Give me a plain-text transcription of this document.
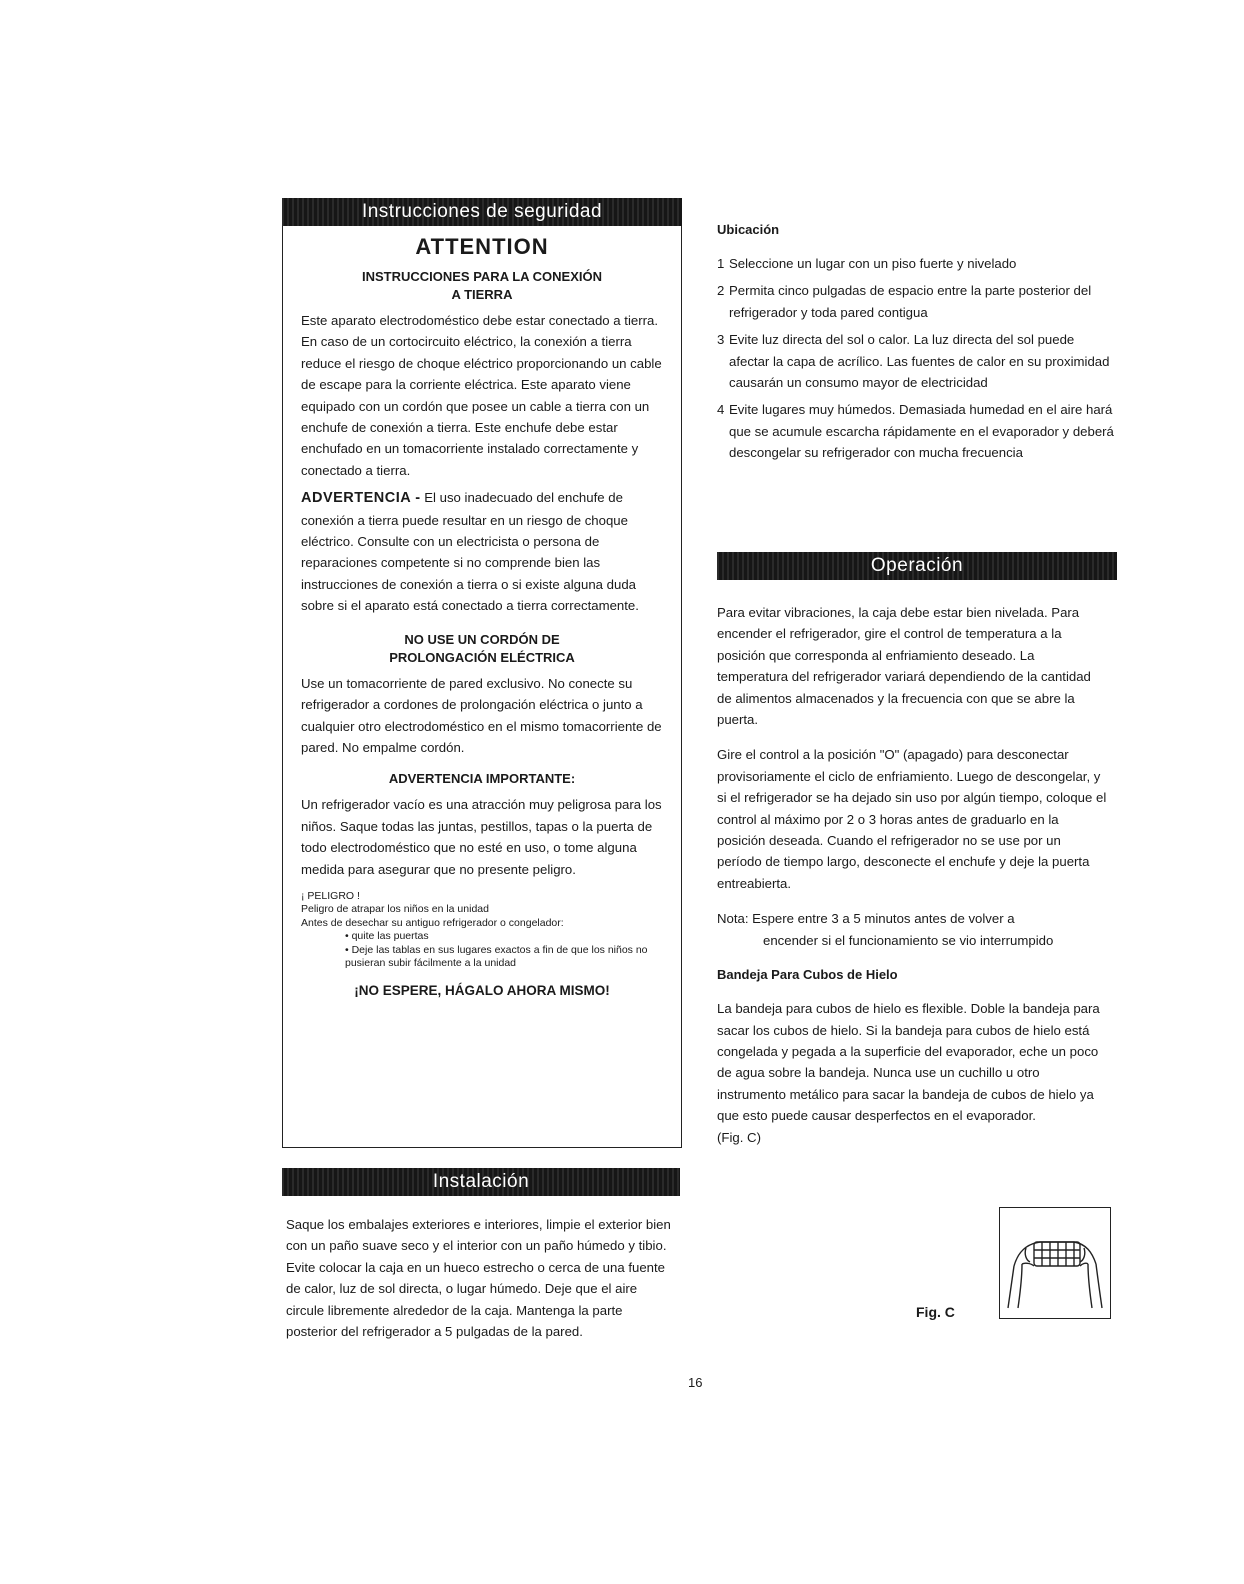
Instrucciones de seguridad
ATTENTION
INSTRUCCIONES PARA LA CONEXIÓN
A TIERRA

Este aparato electrodoméstico debe estar conectado a tierra. En caso de un cortocircuito eléctrico, la conexión a tierra reduce el riesgo de choque eléctrico proporcionando un cable de escape para la corriente eléctrica. Este aparato viene equipado con un cordón que posee un cable a tierra con un enchufe de conexión a tierra. Este enchufe debe estar enchufado en un tomacorriente instalado correctamente y conectado a tierra.

ADVERTENCIA - El uso inadecuado del enchufe de conexión a tierra puede resultar en un riesgo de choque eléctrico. Consulte con un electricista o persona de reparaciones competente si no comprende bien las instrucciones de conexión a tierra o si existe alguna duda sobre si el aparato está conectado a tierra correctamente.

NO USE UN CORDÓN DE
PROLONGACIÓN ELÉCTRICA

Use un tomacorriente de pared exclusivo. No conecte su refrigerador a cordones de prolongación eléctrica o junto a cualquier otro electrodoméstico en el mismo tomacorriente de pared. No empalme cordón.

ADVERTENCIA IMPORTANTE:

Un refrigerador vacío es una atracción muy peligrosa para los niños. Saque todas las juntas, pestillos, tapas o la puerta de todo electrodoméstico que no esté en uso, o tome alguna medida para asegurar que no presente peligro.

¡ PELIGRO !
Peligro de atrapar los niños en la unidad
Antes de desechar su antiguo refrigerador o congelador:
• quite las puertas
• Deje las tablas en sus lugares exactos a fin de que los niños no pusieran subir fácilmente a la unidad
¡NO ESPERE, HÁGALO AHORA MISMO!
Instalación

Saque los embalajes exteriores e interiores, limpie el exterior bien con un paño suave seco y el interior con un paño húmedo y tibio. Evite colocar la caja en un hueco estrecho o cerca de una fuente de calor, luz de sol directa, o lugar húmedo. Deje que el aire circule libremente alrededor de la caja. Mantenga la parte posterior del refrigerador a 5 pulgadas de la pared.

Ubicación
1 Seleccione un lugar con un piso fuerte y nivelado
2 Permita cinco pulgadas de espacio entre la parte posterior del refrigerador y toda pared contigua
3 Evite luz directa del sol o calor. La luz directa del sol puede afectar la capa de acrílico. Las fuentes de calor en su proximidad causarán un consumo mayor de electricidad
4 Evite lugares muy húmedos. Demasiada humedad en el aire hará que se acumule escarcha rápidamente en el evaporador y deberá descongelar su refrigerador con mucha frecuencia
Operación

Para evitar vibraciones, la caja debe estar bien nivelada. Para encender el refrigerador, gire el control de temperatura a la posición que corresponda al enfriamiento deseado. La temperatura del refrigerador variará dependiendo de la cantidad de alimentos almacenados y la frecuencia con que se abre la puerta.

Gire el control a la posición "O" (apagado) para desconectar provisoriamente el ciclo de enfriamiento. Luego de descongelar, y si el refrigerador se ha dejado sin uso por algún tiempo, coloque el control al máximo por 2 o 3 horas antes de graduarlo en la posición deseada. Cuando el refrigerador no se use por un período de tiempo largo, desconecte el enchufe y deje la puerta entreabierta.

Nota: Espere entre 3 a 5 minutos antes de volver a
encender si el funcionamiento se vio interrumpido
Bandeja Para Cubos de Hielo

La bandeja para cubos de hielo es flexible. Doble la bandeja para sacar los cubos de hielo. Si la bandeja para cubos de hielo está congelada y pegada a la superficie del evaporador, eche un poco de agua sobre la bandeja. Nunca use un cuchillo u otro instrumento metálico para sacar la bandeja de cubos de hielo ya que esto puede causar desperfectos en el evaporador.

(Fig. C)
Fig. C
16
